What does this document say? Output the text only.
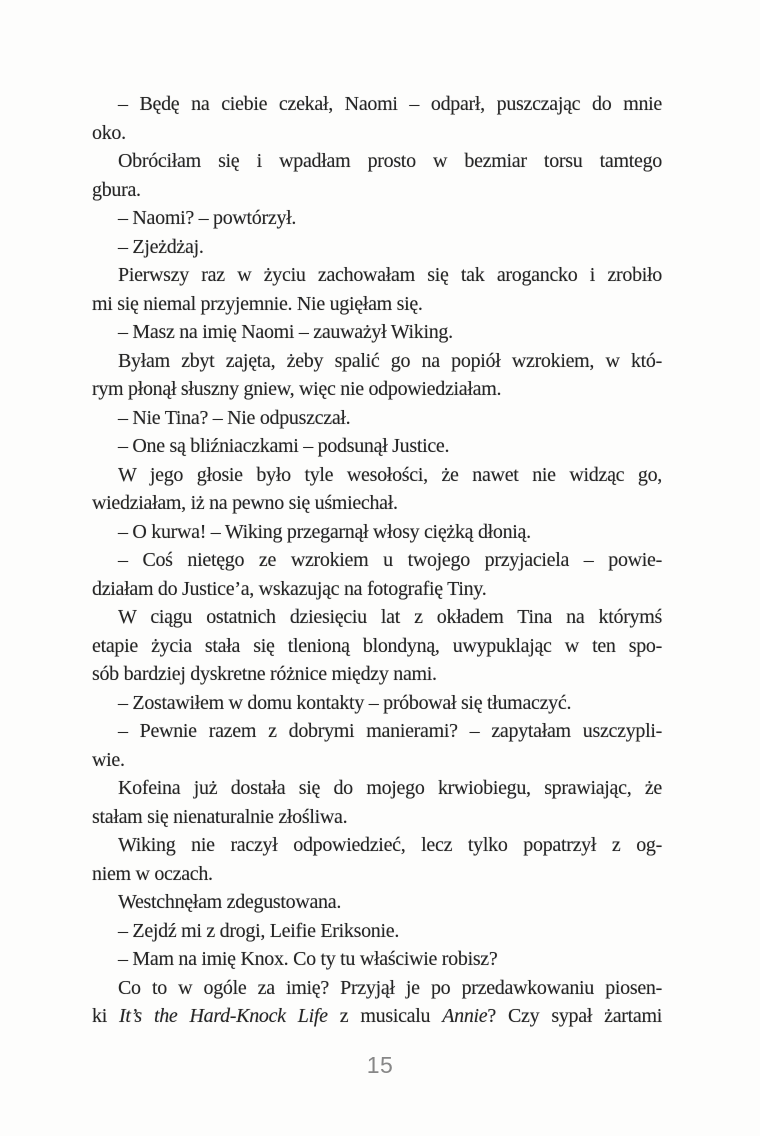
– Będę na ciebie czekał, Naomi – odparł, puszczając do mnie
oko.
Obróciłam się i wpadłam prosto w bezmiar torsu tamtego
gbura.
– Naomi? – powtórzył.
– Zjeżdżaj.
Pierwszy raz w życiu zachowałam się tak arogancko i zrobiło
mi się niemal przyjemnie. Nie ugięłam się.
– Masz na imię Naomi – zauważył Wiking.
Byłam zbyt zajęta, żeby spalić go na popiół wzrokiem, w któ-
rym płonął słuszny gniew, więc nie odpowiedziałam.
– Nie Tina? – Nie odpuszczał.
– One są bliźniaczkami – podsunął Justice.
W jego głosie było tyle wesołości, że nawet nie widząc go,
wiedziałam, iż na pewno się uśmiechał.
– O kurwa! – Wiking przegarnął włosy ciężką dłonią.
– Coś nietęgo ze wzrokiem u twojego przyjaciela – powie-
działam do Justice’a, wskazując na fotografię Tiny.
W ciągu ostatnich dziesięciu lat z okładem Tina na którymś
etapie życia stała się tlenioną blondyną, uwypuklając w ten spo-
sób bardziej dyskretne różnice między nami.
– Zostawiłem w domu kontakty – próbował się tłumaczyć.
– Pewnie razem z dobrymi manierami? – zapytałam uszczypli-
wie.
Kofeina już dostała się do mojego krwiobiegu, sprawiając, że
stałam się nienaturalnie złośliwa.
Wiking nie raczył odpowiedzieć, lecz tylko popatrzył z og-
niem w oczach.
Westchnęłam zdegustowana.
– Zejdź mi z drogi, Leifie Eriksonie.
– Mam na imię Knox. Co ty tu właściwie robisz?
Co to w ogóle za imię? Przyjął je po przedawkowaniu piosen-
ki It’s the Hard-Knock Life z musicalu Annie? Czy sypał żartami
15
